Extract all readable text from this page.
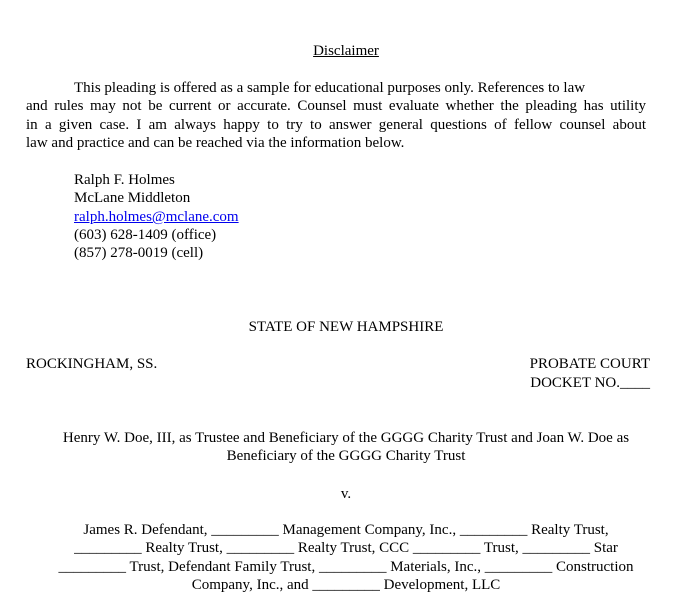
Disclaimer
This pleading is offered as a sample for educational purposes only. References to law
and rules may not be current or accurate. Counsel must evaluate whether the pleading has utility
in a given case. I am always happy to try to answer general questions of fellow counsel about
law and practice and can be reached via the information below.
Ralph F. Holmes
McLane Middleton
ralph.holmes@mclane.com
(603) 628-1409 (office)
(857) 278-0019 (cell)
STATE OF NEW HAMPSHIRE
ROCKINGHAM, SS.	PROBATE COURT
DOCKET NO.____
Henry W. Doe, III, as Trustee and Beneficiary of the GGGG Charity Trust and Joan W. Doe as
Beneficiary of the GGGG Charity Trust
v.
James R. Defendant, _________ Management Company, Inc., _________ Realty Trust,
_________ Realty Trust, _________ Realty Trust, CCC _________ Trust, _________ Star
_________ Trust, Defendant Family Trust, _________ Materials, Inc., _________ Construction
Company, Inc., and _________ Development, LLC
